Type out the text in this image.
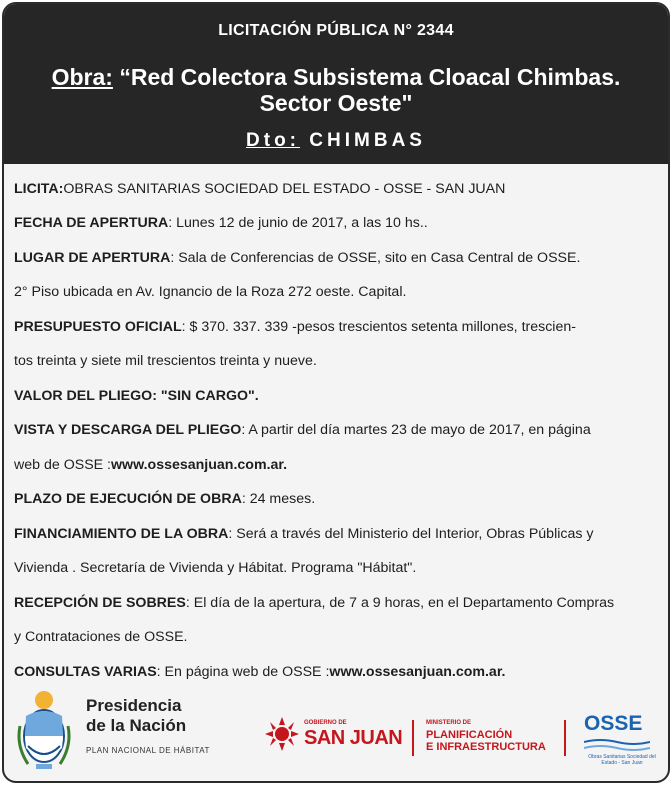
LICITACIÓN PÚBLICA N° 2344
Obra: “Red Colectora Subsistema Cloacal Chimbas.
Sector Oeste"
Dto: CHIMBAS
LICITA: OBRAS SANITARIAS SOCIEDAD DEL ESTADO - OSSE - SAN JUAN
FECHA DE APERTURA : Lunes 12 de junio de 2017, a las 10 hs..
LUGAR DE APERTURA : Sala de Conferencias de OSSE, sito en Casa Central de OSSE.
2° Piso ubicada en Av. Ignancio de la Roza 272 oeste. Capital.
PRESUPUESTO OFICIAL : $ 370. 337. 339 -pesos trescientos setenta millones, trescien-
tos treinta y siete mil trescientos treinta y nueve.
VALOR DEL PLIEGO : "SIN CARGO".
VISTA Y DESCARGA DEL PLIEGO : A partir del día martes 23 de mayo de 2017, en página
web de OSSE : www.ossesanjuan.com.ar.
PLAZO DE EJECUCIÓN DE OBRA : 24 meses.
FINANCIAMIENTO DE LA OBRA : Será a través del Ministerio del Interior, Obras Públicas y
Vivienda . Secretaría de Vivienda y Hábitat. Programa "Hábitat".
RECEPCIÓN DE SOBRES : El día de la apertura, de 7 a 9 horas, en el Departamento Compras
y Contrataciones de OSSE.
CONSULTAS VARIAS : En página web de OSSE : www.ossesanjuan.com.ar.
Presidencia
de la Nación
PLAN NACIONAL DE HÁBITAT
GOBIERNO DE
SAN JUAN
MINISTERIO DE
PLANIFICACIÓN
E INFRAESTRUCTURA
OSSE
Obras Sanitarias Sociedad del Estado - San Juan
